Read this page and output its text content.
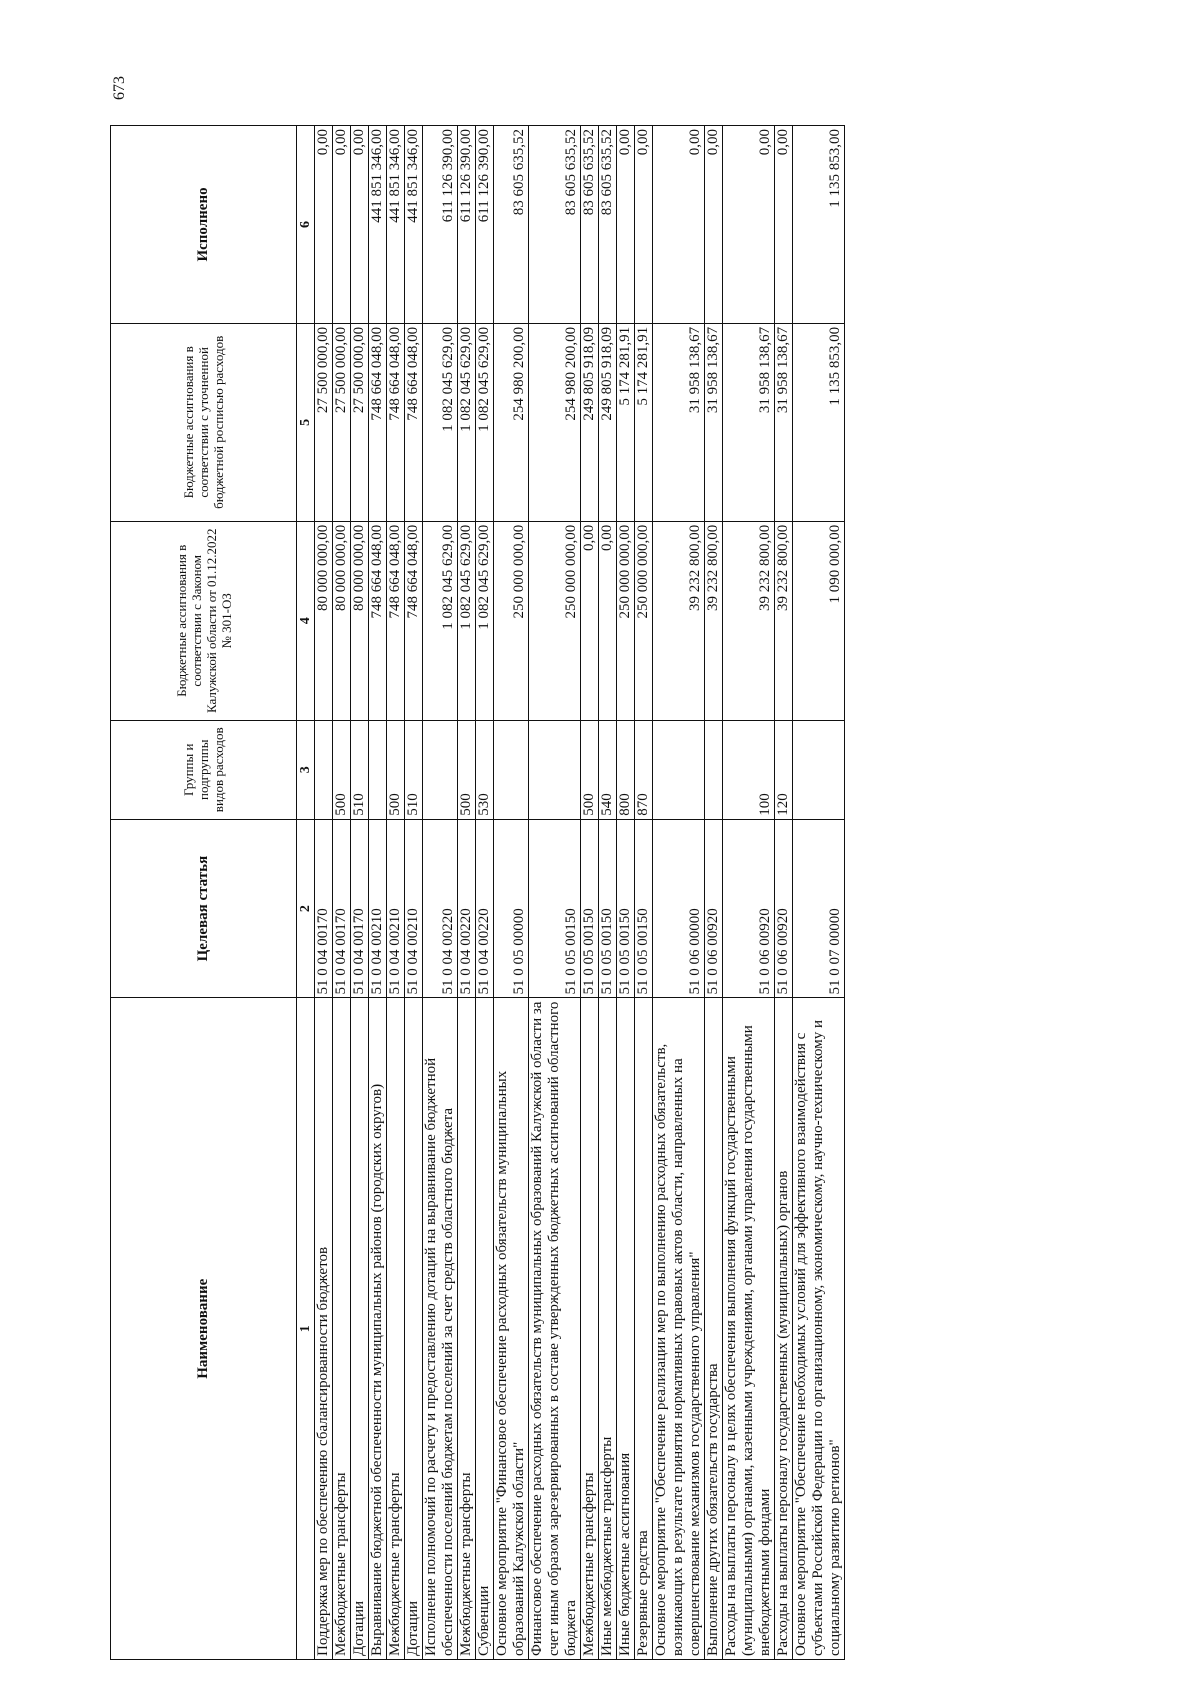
Наименование	Целевая статья	Группы и подгруппы видов расходов	Бюджетные ассигнования в соответствии с Законом Калужской области от 01.12.2022 № 301-ОЗ	Бюджетные ассигнования в соответствии с уточненной бюджетной росписью расходов	Исполнено
1	2	3	4	5	6
Поддержка мер по обеспечению сбалансированности бюджетов	51 0 04 00170		80 000 000,00	27 500 000,00	0,00
Межбюджетные трансферты	51 0 04 00170	500	80 000 000,00	27 500 000,00	0,00
Дотации	51 0 04 00170	510	80 000 000,00	27 500 000,00	0,00
Выравнивание бюджетной обеспеченности муниципальных районов (городских округов)	51 0 04 00210		748 664 048,00	748 664 048,00	441 851 346,00
Межбюджетные трансферты	51 0 04 00210	500	748 664 048,00	748 664 048,00	441 851 346,00
Дотации	51 0 04 00210	510	748 664 048,00	748 664 048,00	441 851 346,00
Исполнение полномочий по расчету и предоставлению дотаций на выравнивание бюджетной обеспеченности поселений бюджетам поселений за счет средств областного бюджета	51 0 04 00220		1 082 045 629,00	1 082 045 629,00	611 126 390,00
Межбюджетные трансферты	51 0 04 00220	500	1 082 045 629,00	1 082 045 629,00	611 126 390,00
Субвенции	51 0 04 00220	530	1 082 045 629,00	1 082 045 629,00	611 126 390,00
Основное мероприятие "Финансовое обеспечение расходных обязательств муниципальных образований Калужской области"	51 0 05 00000		250 000 000,00	254 980 200,00	83 605 635,52
Финансовое обеспечение расходных обязательств муниципальных образований Калужской области за счет иным образом зарезервированных в составе утвержденных бюджетных ассигнований областного бюджета	51 0 05 00150		250 000 000,00	254 980 200,00	83 605 635,52
Межбюджетные трансферты	51 0 05 00150	500	0,00	249 805 918,09	83 605 635,52
Иные межбюджетные трансферты	51 0 05 00150	540	0,00	249 805 918,09	83 605 635,52
Иные бюджетные ассигнования	51 0 05 00150	800	250 000 000,00	5 174 281,91	0,00
Резервные средства	51 0 05 00150	870	250 000 000,00	5 174 281,91	0,00
Основное мероприятие "Обеспечение реализации мер по выполнению расходных обязательств, возникающих в результате принятия нормативных правовых актов области, направленных на совершенствование механизмов государственного управления"	51 0 06 00000		39 232 800,00	31 958 138,67	0,00
Выполнение других обязательств государства	51 0 06 00920		39 232 800,00	31 958 138,67	0,00
Расходы на выплаты персоналу в целях обеспечения выполнения функций государственными (муниципальными) органами, казенными учреждениями, органами управления государственными внебюджетными фондами	51 0 06 00920	100	39 232 800,00	31 958 138,67	0,00
Расходы на выплаты персоналу государственных (муниципальных) органов	51 0 06 00920	120	39 232 800,00	31 958 138,67	0,00
Основное мероприятие "Обеспечение необходимых условий для эффективного взаимодействия с субъектами Российской Федерации по организационному, экономическому, научно-техническому и социальному развитию регионов"	51 0 07 00000		1 090 000,00	1 135 853,00	1 135 853,00
673
